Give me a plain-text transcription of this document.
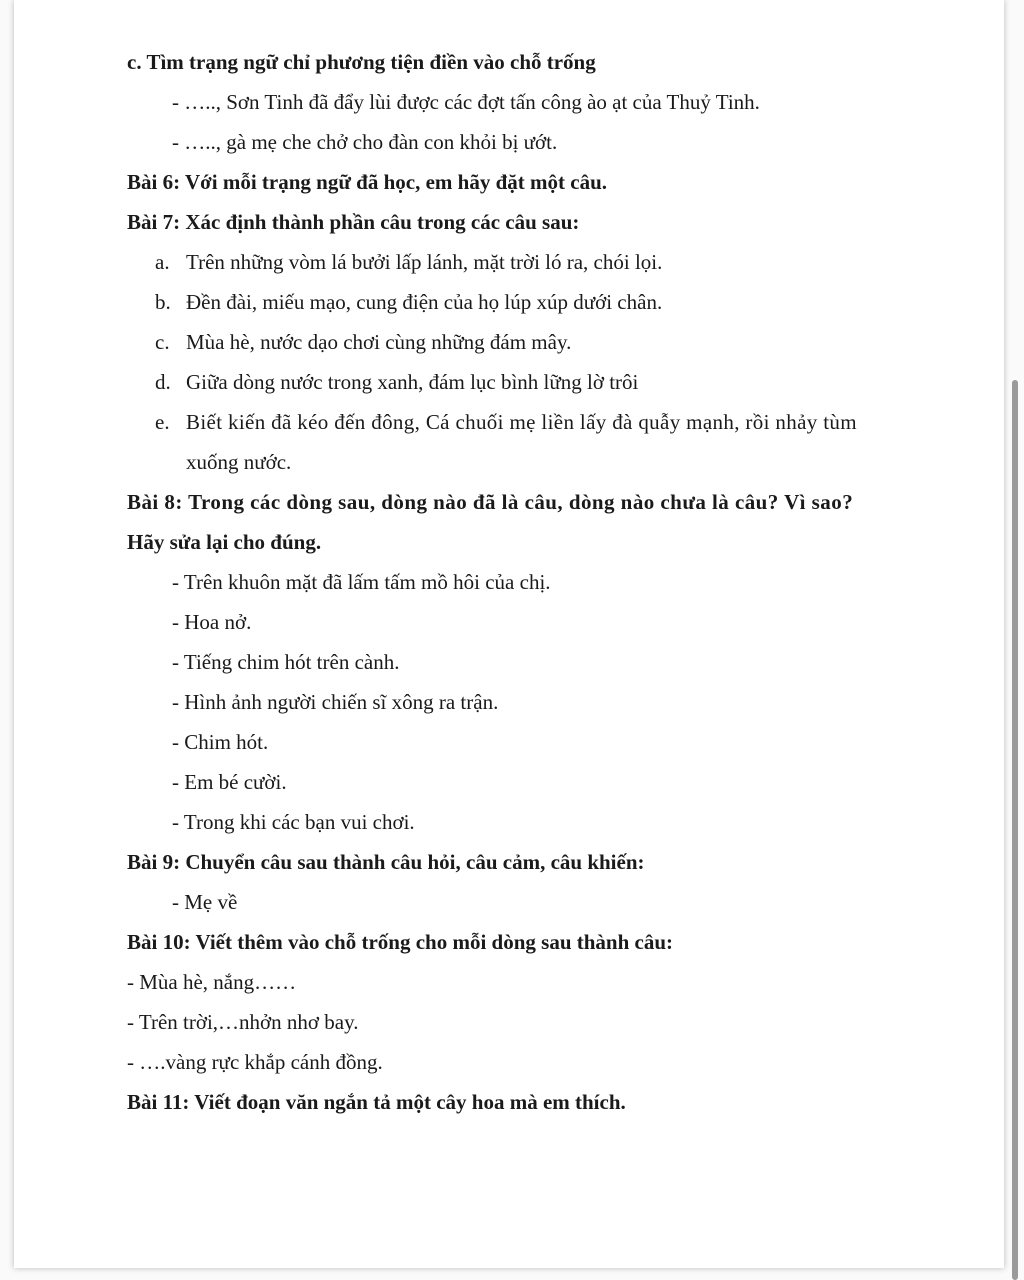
c. Tìm trạng ngữ chỉ phương tiện điền vào chỗ trống
- ….., Sơn Tinh đã đẩy lùi được các đợt tấn công ào ạt của Thuỷ Tinh.
- ….., gà mẹ che chở cho đàn con khỏi bị ướt.
Bài 6: Với mỗi trạng ngữ đã học, em hãy đặt một câu.
Bài 7: Xác định thành phần câu trong các câu sau:
a. Trên những vòm lá bưởi lấp lánh, mặt trời ló ra, chói lọi.
b. Đền đài, miếu mạo, cung điện của họ lúp xúp dưới chân.
c. Mùa hè, nước dạo chơi cùng những đám mây.
d. Giữa dòng nước trong xanh, đám lục bình lững lờ trôi
e. Biết kiến đã kéo đến đông, Cá chuối mẹ liền lấy đà quẫy mạnh, rồi nhảy tùm
xuống nước.
Bài 8: Trong các dòng sau, dòng nào đã là câu, dòng nào chưa là câu? Vì sao?
Hãy sửa lại cho đúng.
- Trên khuôn mặt đã lấm tấm mồ hôi của chị.
- Hoa nở.
- Tiếng chim hót trên cành.
- Hình ảnh người chiến sĩ xông ra trận.
- Chim hót.
- Em bé cười.
- Trong khi các bạn vui chơi.
Bài 9: Chuyển câu sau thành câu hỏi, câu cảm, câu khiến:
- Mẹ về
Bài 10: Viết thêm vào chỗ trống cho mỗi dòng sau thành câu:
- Mùa hè, nắng……
- Trên trời,…nhởn nhơ bay.
- ….vàng rực khắp cánh đồng.
Bài 11: Viết đoạn văn ngắn tả một cây hoa mà em thích.
